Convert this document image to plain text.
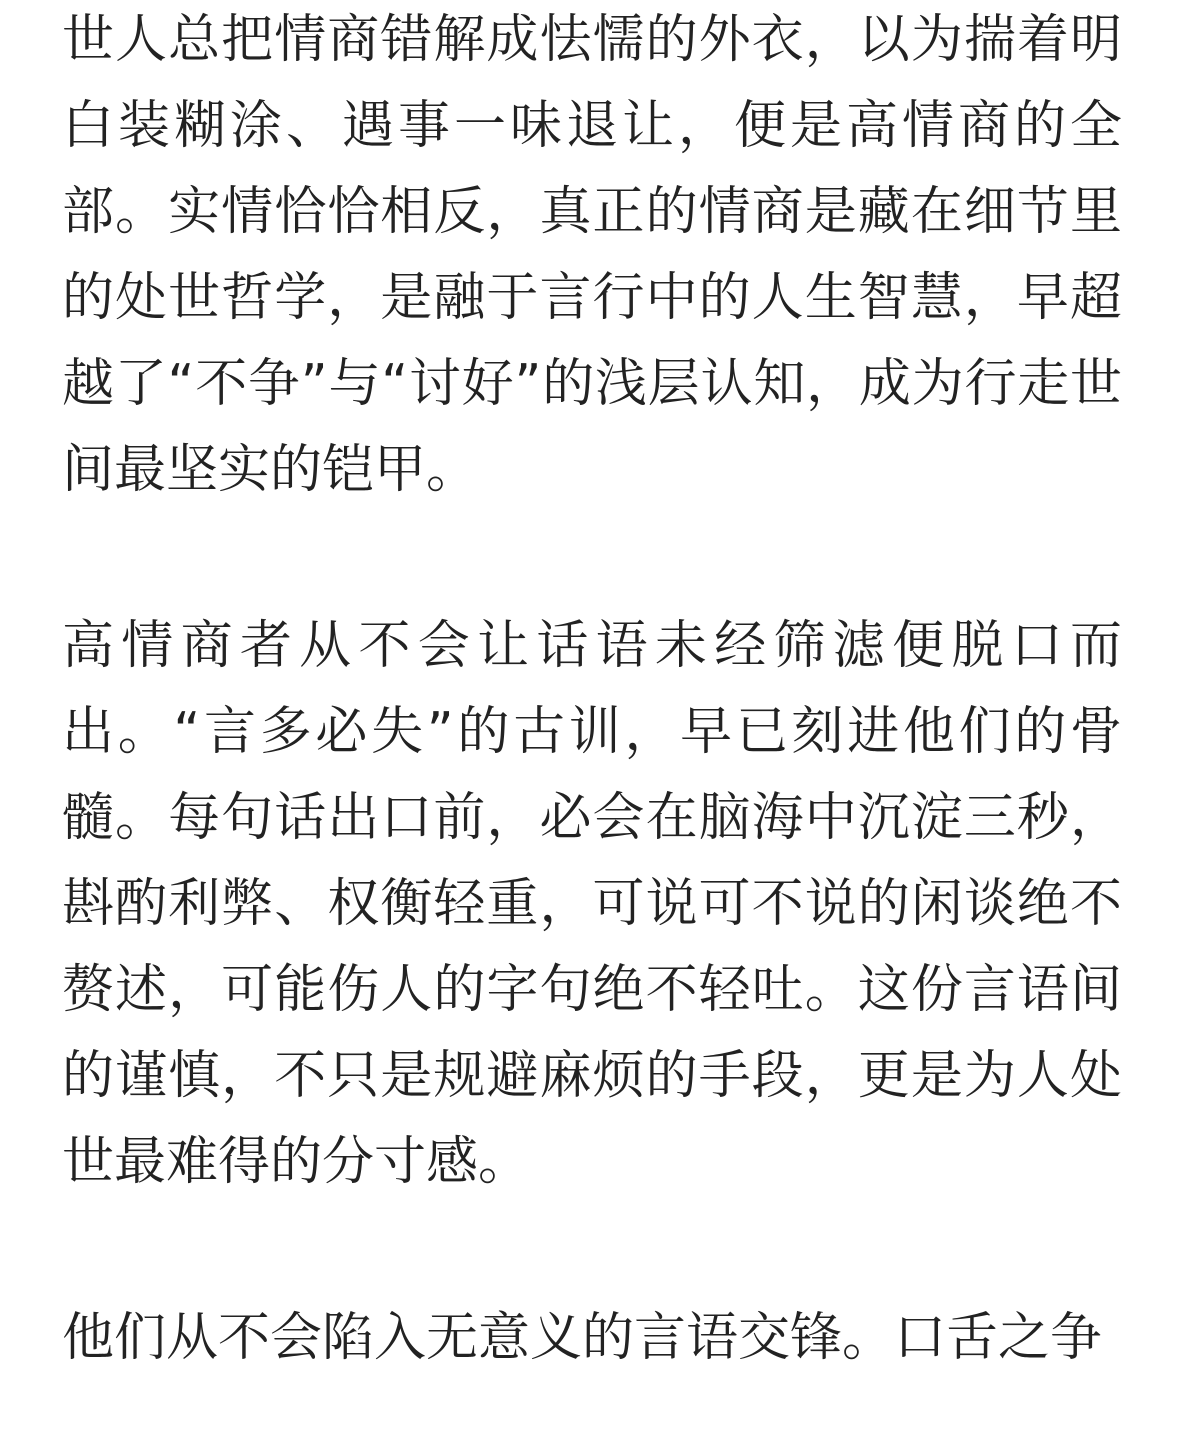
世人总把情商错解成怯懦的外衣，以为揣着明白装糊涂、遇事一味退让，便是高情商的全部。实情恰恰相反，真正的情商是藏在细节里的处世哲学，是融于言行中的人生智慧，早超越了“不争”与“讨好”的浅层认知，成为行走世间最坚实的铠甲。

高情商者从不会让话语未经筛滤便脱口而出。“言多必失”的古训，早已刻进他们的骨髓。每句话出口前，必会在脑海中沉淀三秒，斟酌利弊、权衡轻重，可说可不说的闲谈绝不赘述，可能伤人的字句绝不轻吐。这份言语间的谨慎，不只是规避麻烦的手段，更是为人处世最难得的分寸感。

他们从不会陷入无意义的言语交锋。口舌之争
